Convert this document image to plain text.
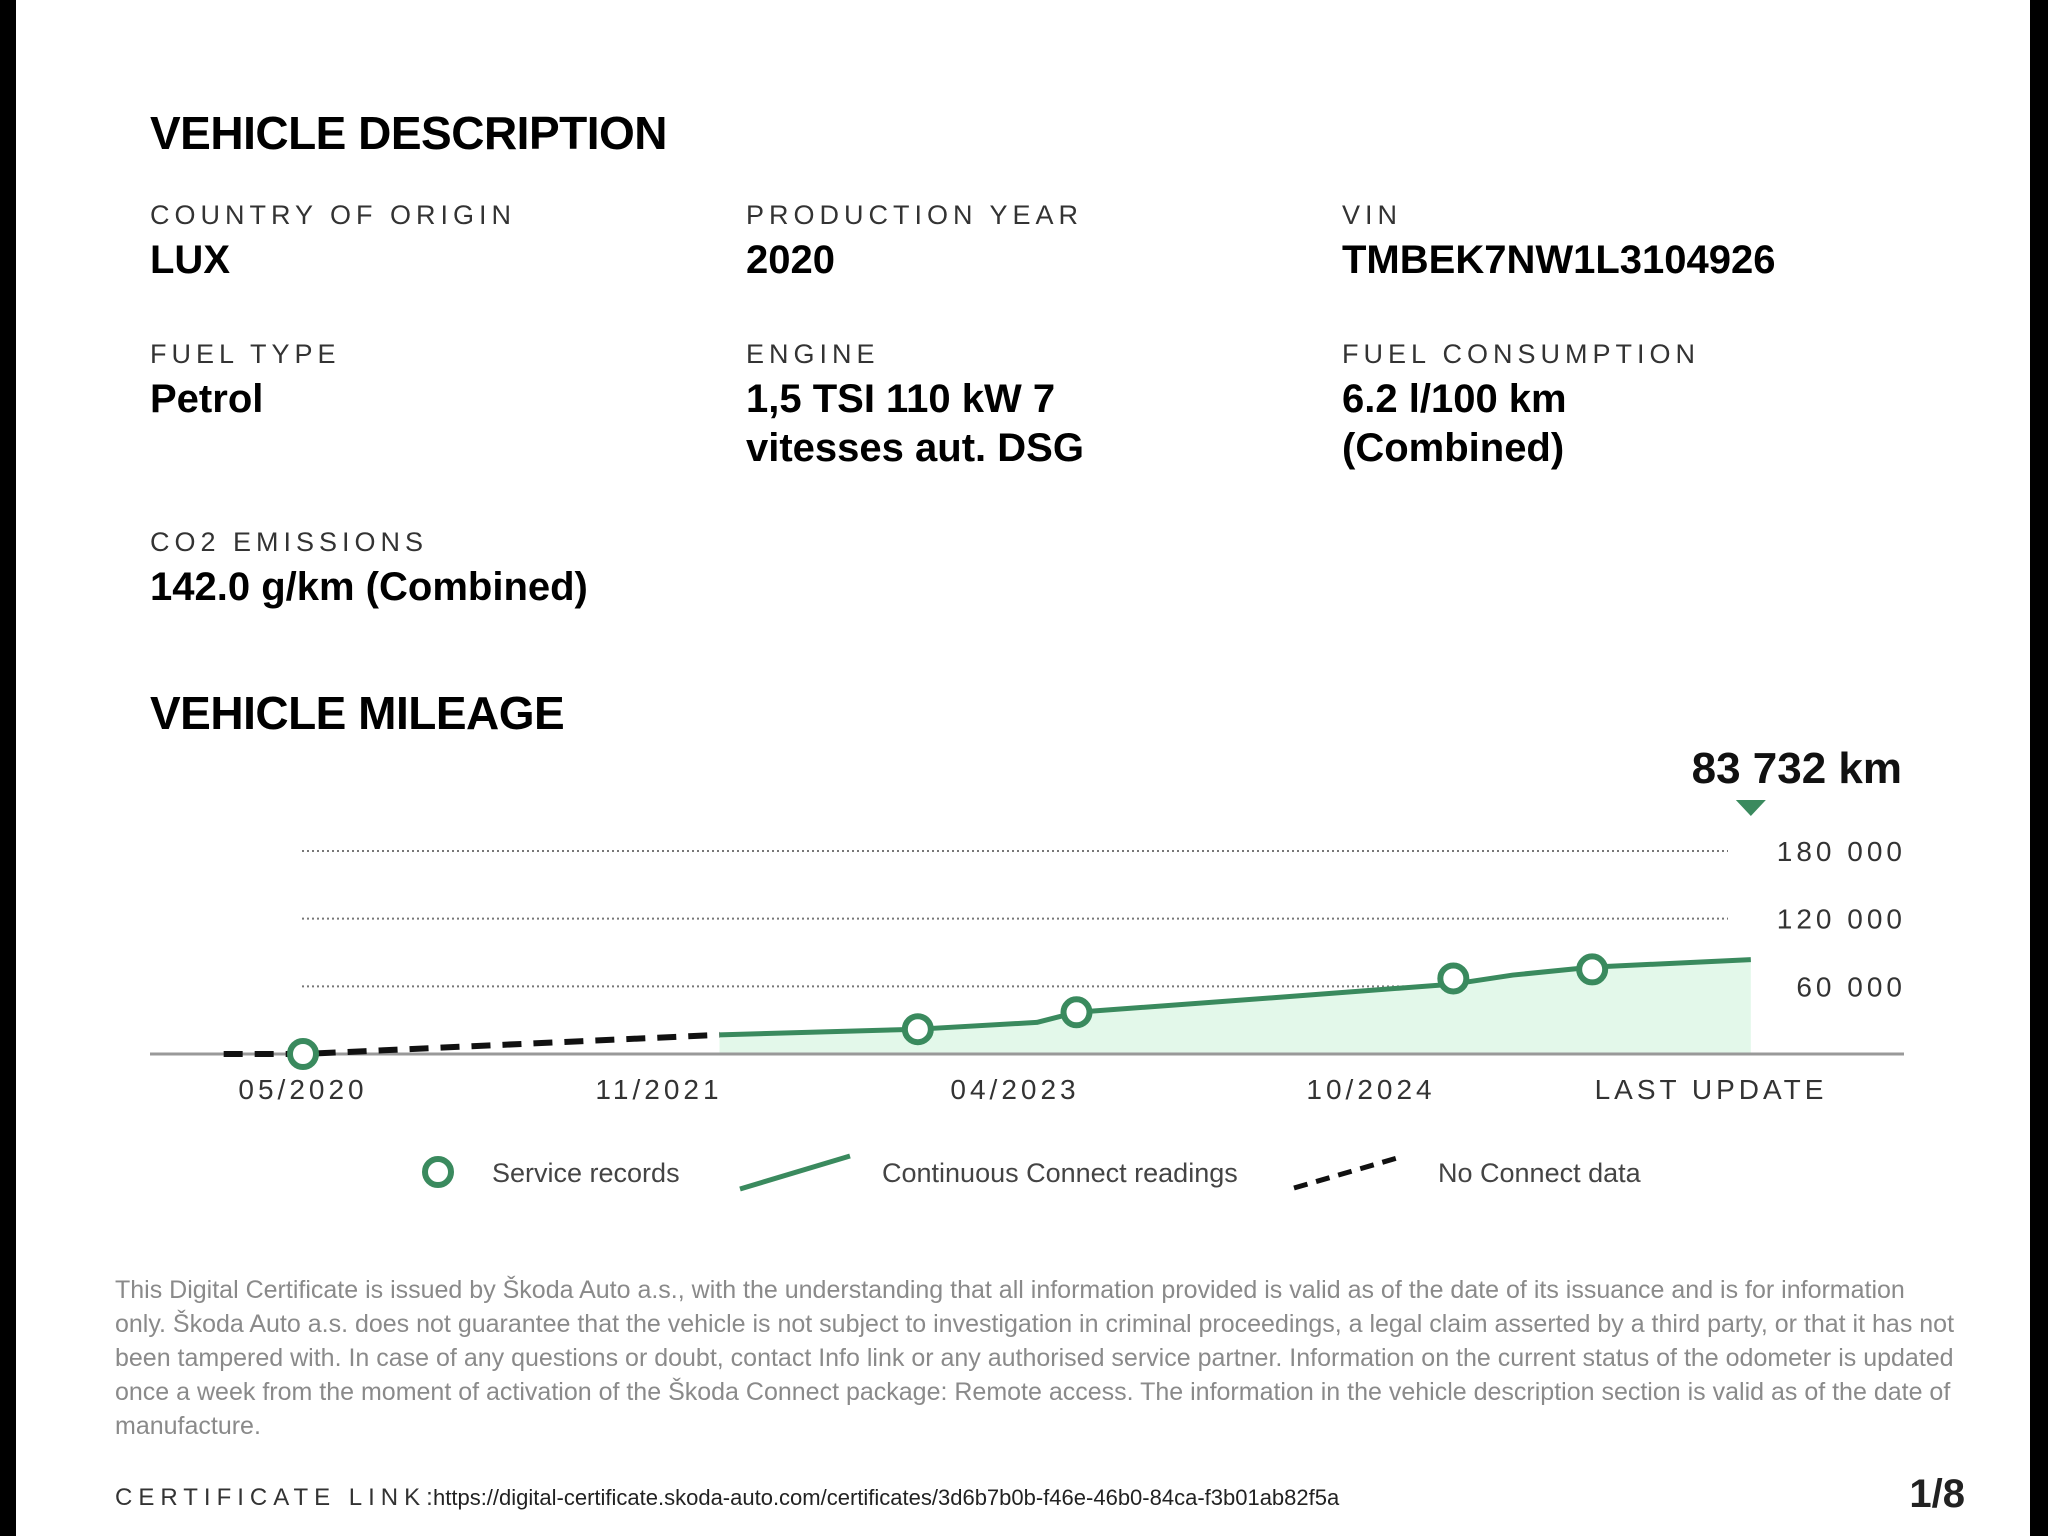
VEHICLE DESCRIPTION
COUNTRY OF ORIGIN
LUX
PRODUCTION YEAR
2020
VIN
TMBEK7NW1L3104926
FUEL TYPE
Petrol
ENGINE
1,5 TSI 110 kW 7
vitesses aut. DSG
FUEL CONSUMPTION
6.2 l/100 km
(Combined)
CO2 EMISSIONS
142.0 g/km (Combined)
VEHICLE MILEAGE
60 000
120 000
180 000
05/2020	11/2021	04/2023	10/2024	LAST UPDATE
83 732 km
Service records	Continuous Connect readings	No Connect data

This Digital Certificate is issued by Škoda Auto a.s., with the understanding that all information provided is valid as of the date of its issuance and is for information only. Škoda Auto a.s. does not guarantee that the vehicle is not subject to investigation in criminal proceedings, a legal claim asserted by a third party, or that it has not been tampered with. In case of any questions or doubt, contact Info link or any authorised service partner. Information on the current status of the odometer is updated once a week from the moment of activation of the Škoda Connect package: Remote access. The information in the vehicle description section is valid as of the date of manufacture.

CERTIFICATE LINK:
https://digital-certificate.skoda-auto.com/certificates/3d6b7b0b-f46e-46b0-84ca-f3b01ab82f5a	1/8
